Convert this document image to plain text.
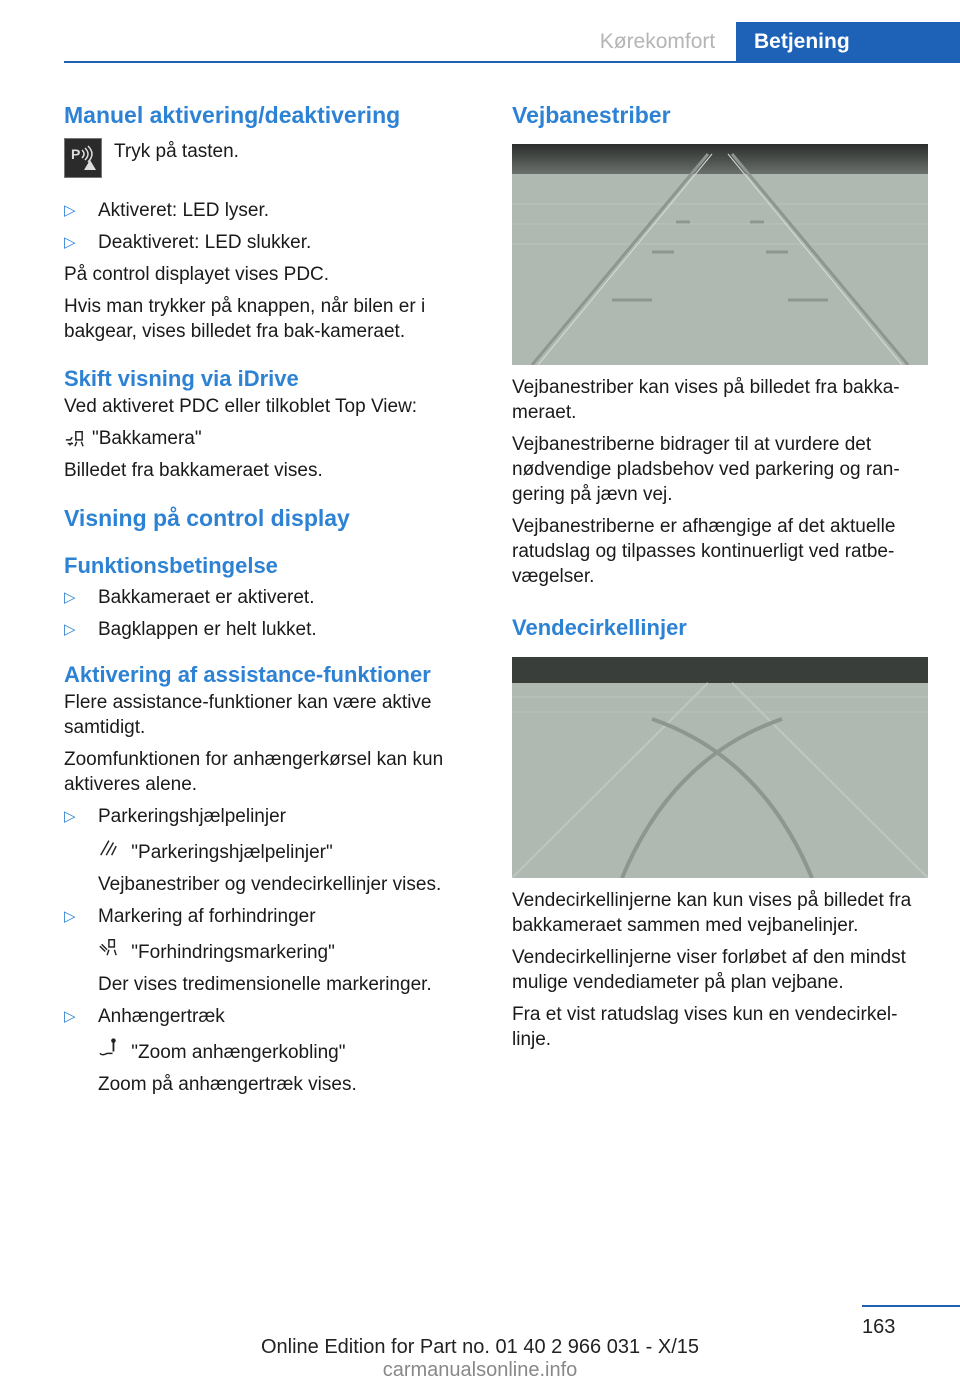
Kørekomfort	Betjening
Manuel aktivering/deaktivering
P Tryk på tasten.
▷ Aktiveret: LED lyser.
▷ Deaktiveret: LED slukker.

På control displayet vises PDC.

Hvis man trykker på knappen, når bilen er i bakgear, vises billedet fra bak-kameraet.

Skift visning via iDrive

Ved aktiveret PDC eller tilkoblet Top View:

"Bakkamera"

Billedet fra bakkameraet vises.

Visning på control display
Funktionsbetingelse
▷ Bakkameraet er aktiveret.
▷ Bagklappen er helt lukket.
Aktivering af assistance-funktioner

Flere assistance-funktioner kan være aktive samtidigt.

Zoomfunktionen for anhængerkørsel kan kun aktiveres alene.

▷ Parkeringshjælpelinjer
"Parkeringshjælpelinjer"
Vejbanestriber og vendecirkellinjer vises.
▷ Markering af forhindringer
"Forhindringsmarkering"
Der vises tredimensionelle markeringer.
▷ Anhængertræk
"Zoom anhængerkobling"
Zoom på anhængertræk vises.
Vejbanestriber

Vejbanestriber kan vises på billedet fra bakka-meraet.

Vejbanestriberne bidrager til at vurdere det nødvendige pladsbehov ved parkering og ran-gering på jævn vej.

Vejbanestriberne er afhængige af det aktuelle ratudslag og tilpasses kontinuerligt ved ratbe-vægelser.

Vendecirkellinjer

Vendecirkellinjerne kan kun vises på billedet fra bakkameraet sammen med vejbanelinjer.

Vendecirkellinjerne viser forløbet af den mindst mulige vendediameter på plan vejbane.

Fra et vist ratudslag vises kun en vendecirkel-linje.

163
Online Edition for Part no. 01 40 2 966 031 - X/15 carmanualsonline.info
